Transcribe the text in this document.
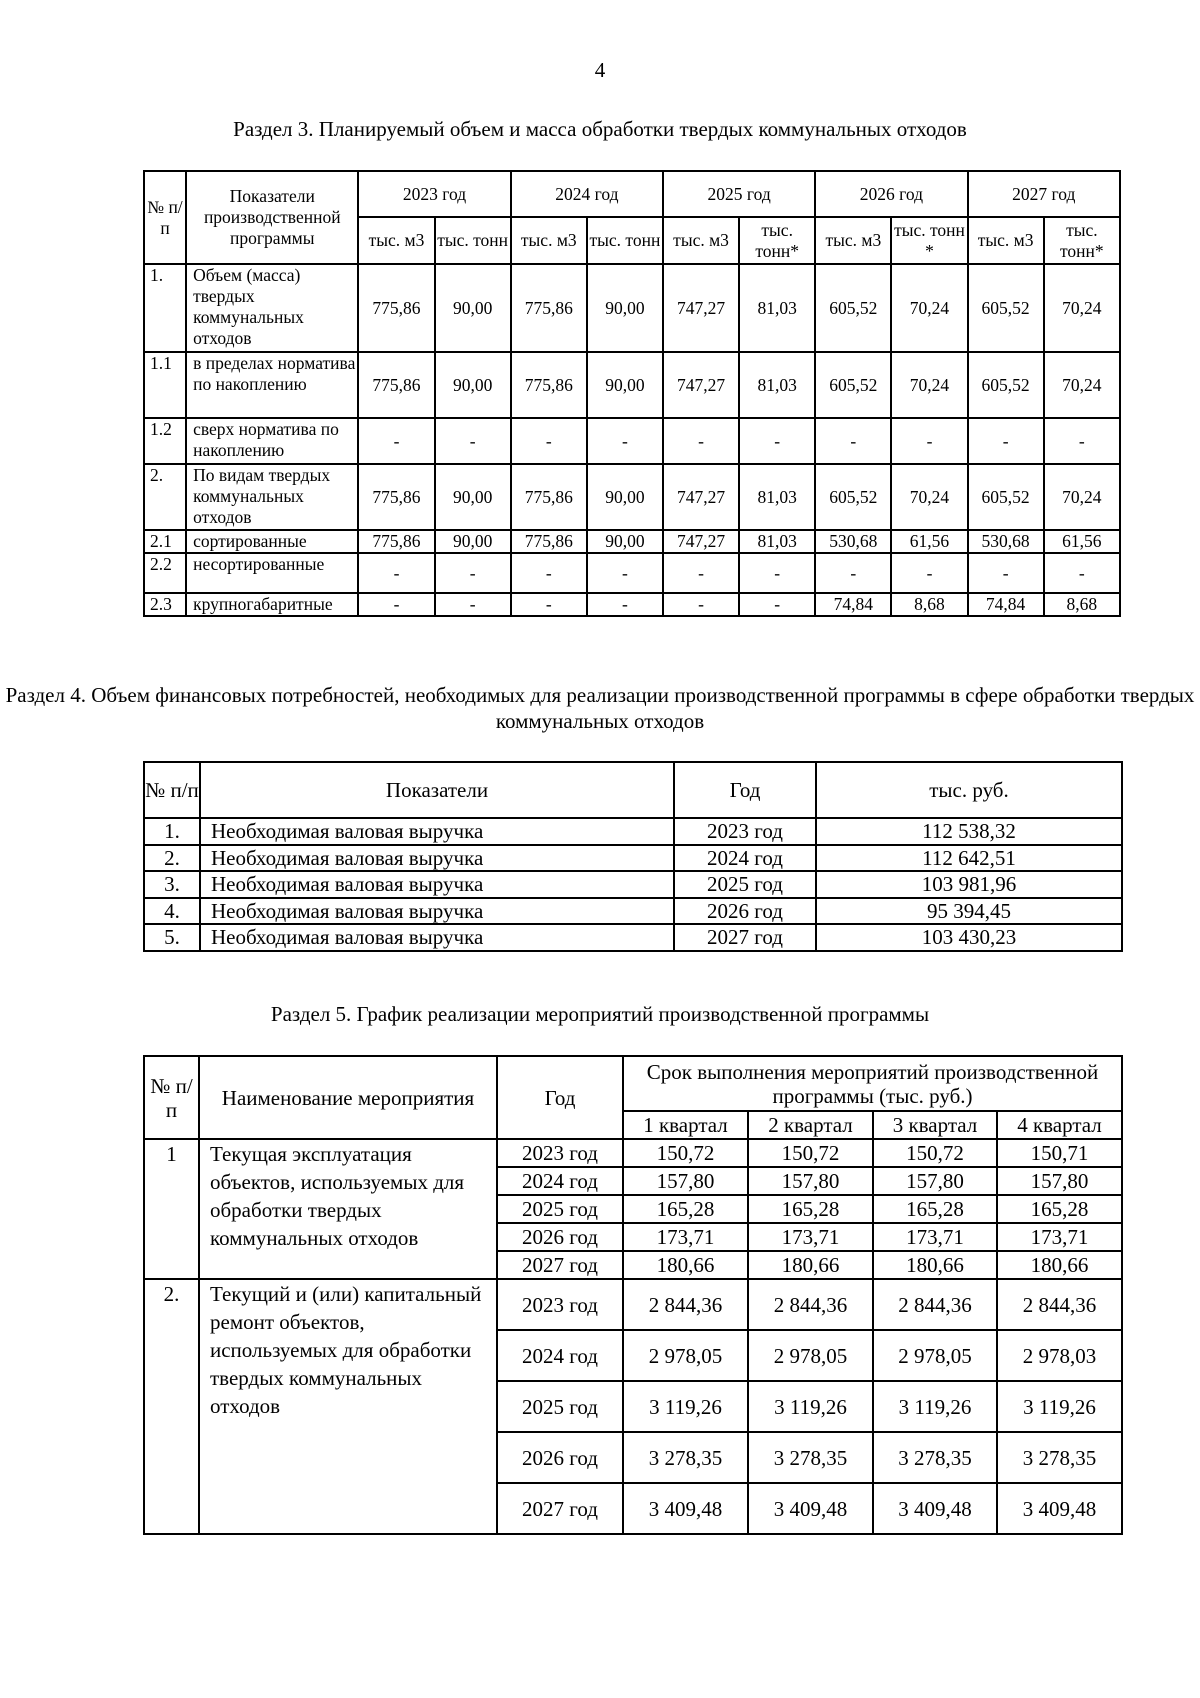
4
Раздел 3. Планируемый объем и масса обработки твердых коммунальных отходов
№ п/п	Показатели производственной программы	2023 год		2024 год		2025 год		2026 год		2027 год	
		тыс. м3	тыс. тонн	тыс. м3	тыс. тонн	тыс. м3	тыс. тонн*	тыс. м3	тыс. тонн *	тыс. м3	тыс. тонн*
1.	Объем (масса) твердых коммунальных отходов	775,86	90,00	775,86	90,00	747,27	81,03	605,52	70,24	605,52	70,24
1.1	в пределах норматива по накоплению	775,86	90,00	775,86	90,00	747,27	81,03	605,52	70,24	605,52	70,24
1.2	сверх норматива по накоплению	-	-	-	-	-	-	-	-	-	-
2.	По видам твердых коммунальных отходов	775,86	90,00	775,86	90,00	747,27	81,03	605,52	70,24	605,52	70,24
2.1	сортированные	775,86	90,00	775,86	90,00	747,27	81,03	530,68	61,56	530,68	61,56
2.2	несортированные	-	-	-	-	-	-	-	-	-	-
2.3	крупногабаритные	-	-	-	-	-	-	74,84	8,68	74,84	8,68
Раздел 4. Объем финансовых потребностей, необходимых для реализации производственной программы в сфере обработки твердых коммунальных отходов
№ п/п	Показатели	Год	тыс. руб.
1.	Необходимая валовая выручка	2023 год	112 538,32
2.	Необходимая валовая выручка	2024 год	112 642,51
3.	Необходимая валовая выручка	2025 год	103 981,96
4.	Необходимая валовая выручка	2026 год	95 394,45
5.	Необходимая валовая выручка	2027 год	103 430,23
Раздел 5. График реализации мероприятий производственной программы
№ п/п	Наименование мероприятия	Год	Срок выполнения мероприятий производственной программы (тыс. руб.)			
			1 квартал	2 квартал	3 квартал	4 квартал
1	Текущая эксплуатация объектов, используемых для обработки твердых коммунальных отходов	2023 год	150,72	150,72	150,72	150,71
		2024 год	157,80	157,80	157,80	157,80
		2025 год	165,28	165,28	165,28	165,28
		2026 год	173,71	173,71	173,71	173,71
		2027 год	180,66	180,66	180,66	180,66
2.	Текущий и (или) капитальный ремонт объектов, используемых для обработки твердых коммунальных отходов	2023 год	2 844,36	2 844,36	2 844,36	2 844,36
		2024 год	2 978,05	2 978,05	2 978,05	2 978,03
		2025 год	3 119,26	3 119,26	3 119,26	3 119,26
		2026 год	3 278,35	3 278,35	3 278,35	3 278,35
		2027 год	3 409,48	3 409,48	3 409,48	3 409,48
